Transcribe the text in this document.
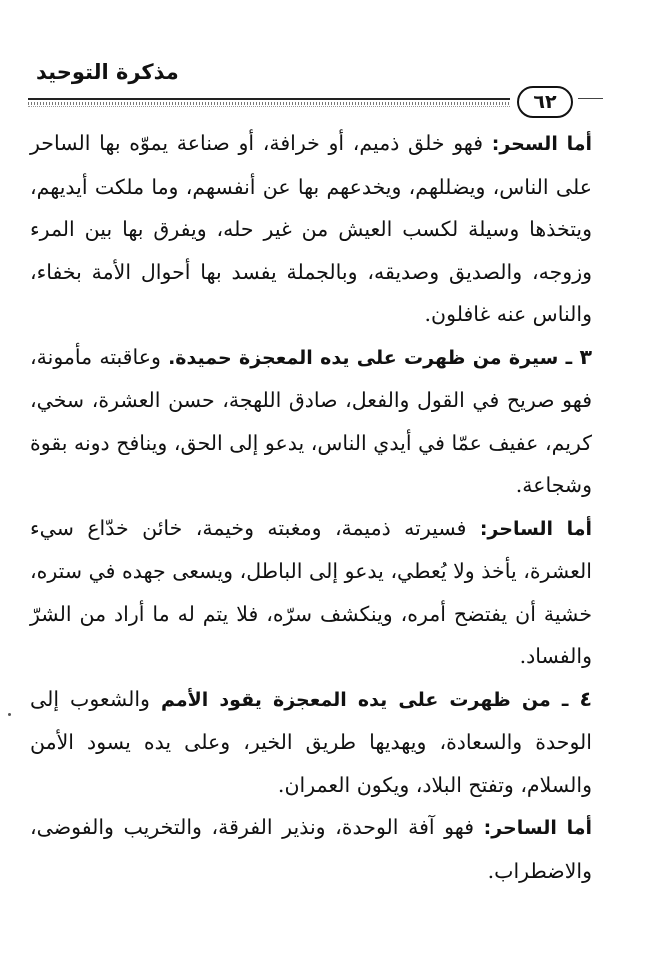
مذكرة التوحيد
٦٢

أما السحر: فهو خلق ذميم، أو خرافة، أو صناعة يموّه بها الساحر على الناس، ويضللهم، ويخدعهم بها عن أنفسهم، وما ملكت أيديهم، ويتخذها وسيلة لكسب العيش من غير حله، ويفرق بها بين المرء وزوجه، والصديق وصديقه، وبالجملة يفسد بها أحوال الأمة بخفاء، والناس عنه غافلون.

٣ ـ سيرة من ظهرت على يده المعجزة حميدة. وعاقبته مأمونة، فهو صريح في القول والفعل، صادق اللهجة، حسن العشرة، سخي، كريم، عفيف عمّا في أيدي الناس، يدعو إلى الحق، وينافح دونه بقوة وشجاعة.

أما الساحر: فسيرته ذميمة، ومغبته وخيمة، خائن خدّاع سيء العشرة، يأخذ ولا يُعطي، يدعو إلى الباطل، ويسعى جهده في ستره، خشية أن يفتضح أمره، وينكشف سرّه، فلا يتم له ما أراد من الشرّ والفساد.

٤ ـ من ظهرت على يده المعجزة يقود الأمم والشعوب إلى الوحدة والسعادة، ويهديها طريق الخير، وعلى يده يسود الأمن والسلام، وتفتح البلاد، ويكون العمران.

أما الساحر: فهو آفة الوحدة، ونذير الفرقة، والتخريب والفوضى، والاضطراب.
